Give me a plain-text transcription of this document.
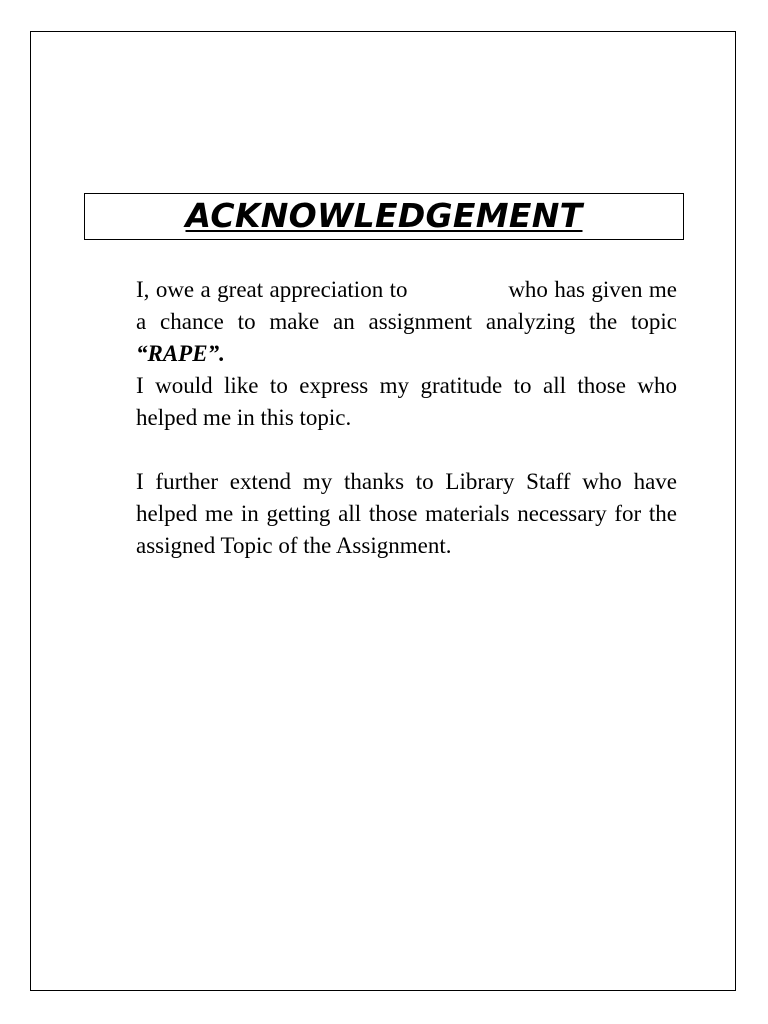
ACKNOWLEDGEMENT

I, owe a great appreciation to	who has given me a chance to make an assignment analyzing the topic “RAPE”.

I would like to express my gratitude to all those who helped me in this topic.

I further extend my thanks to Library Staff who have helped me in getting all those materials necessary for the assigned Topic of the Assignment.
